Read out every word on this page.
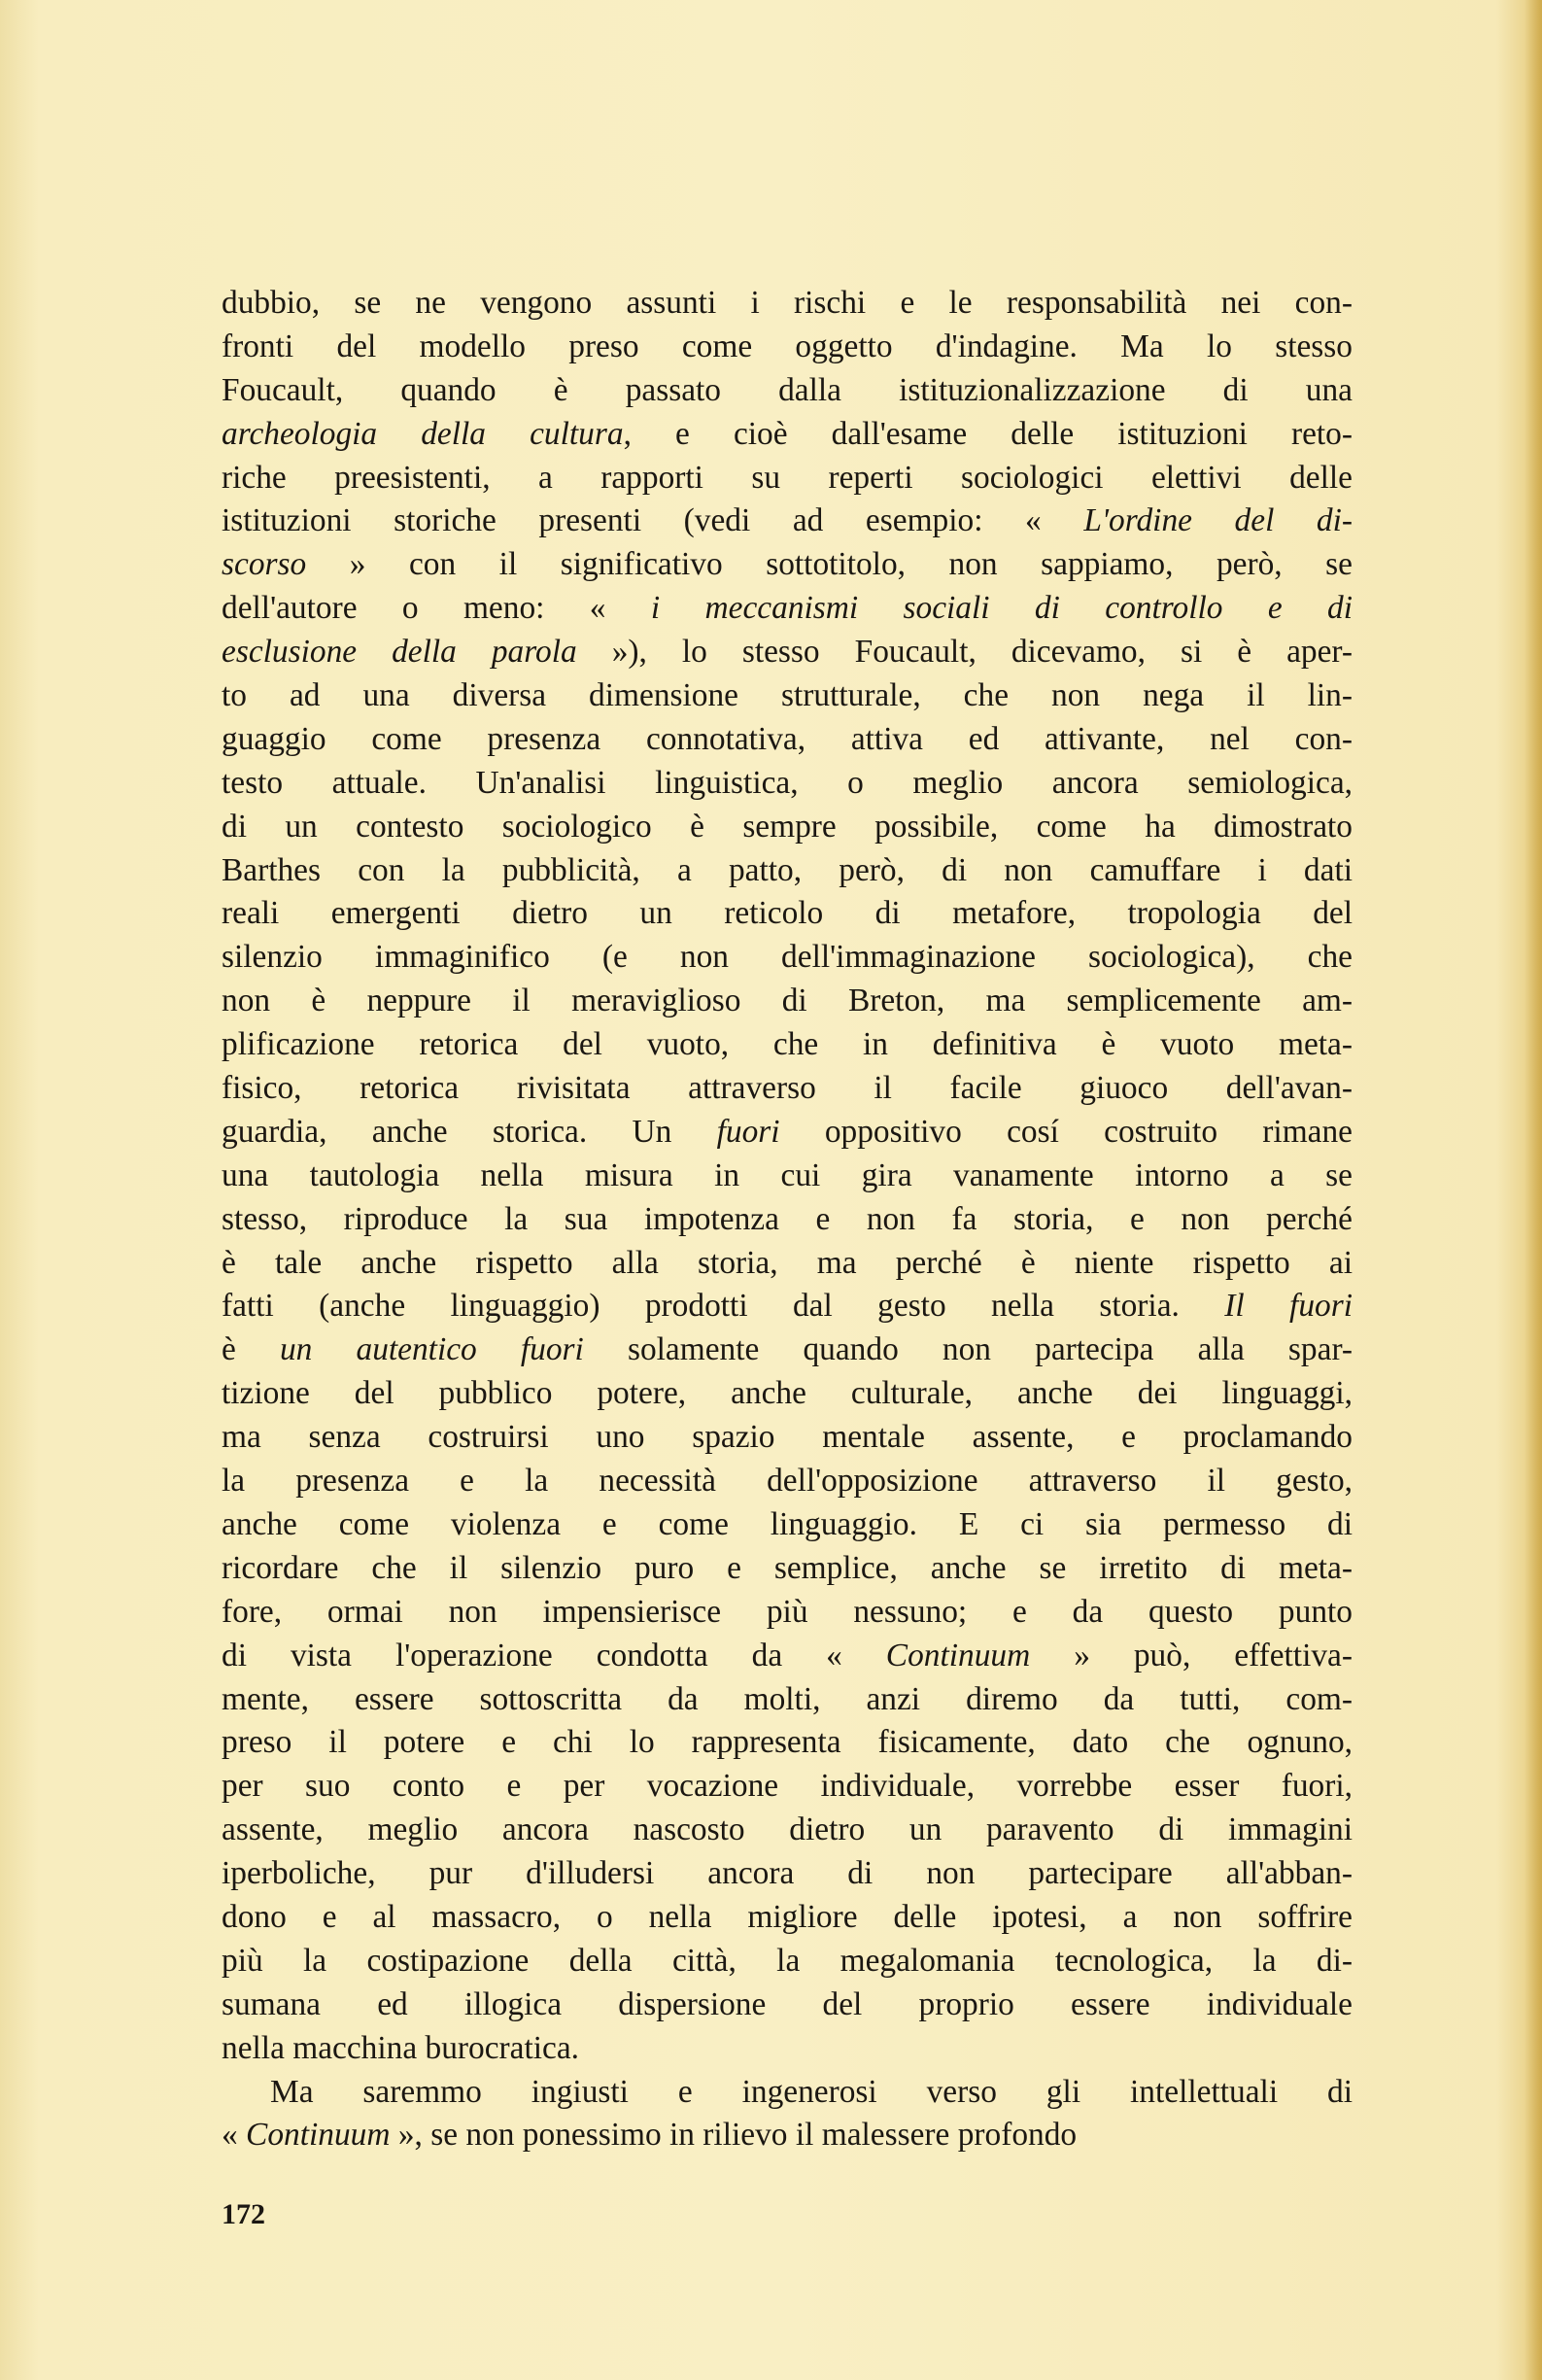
dubbio, se ne vengono assunti i rischi e le responsabilità nei con-
fronti del modello preso come oggetto d'indagine. Ma lo stesso
Foucault, quando è passato dalla istituzionalizzazione di una
archeologia della cultura, e cioè dall'esame delle istituzioni reto-
riche preesistenti, a rapporti su reperti sociologici elettivi delle
istituzioni storiche presenti (vedi ad esempio: « L'ordine del di-
scorso » con il significativo sottotitolo, non sappiamo, però, se
dell'autore o meno: « i meccanismi sociali di controllo e di
esclusione della parola »), lo stesso Foucault, dicevamo, si è aper-
to ad una diversa dimensione strutturale, che non nega il lin-
guaggio come presenza connotativa, attiva ed attivante, nel con-
testo attuale. Un'analisi linguistica, o meglio ancora semiologica,
di un contesto sociologico è sempre possibile, come ha dimostrato
Barthes con la pubblicità, a patto, però, di non camuffare i dati
reali emergenti dietro un reticolo di metafore, tropologia del
silenzio immaginifico (e non dell'immaginazione sociologica), che
non è neppure il meraviglioso di Breton, ma semplicemente am-
plificazione retorica del vuoto, che in definitiva è vuoto meta-
fisico, retorica rivisitata attraverso il facile giuoco dell'avan-
guardia, anche storica. Un fuori oppositivo cosí costruito rimane
una tautologia nella misura in cui gira vanamente intorno a se
stesso, riproduce la sua impotenza e non fa storia, e non perché
è tale anche rispetto alla storia, ma perché è niente rispetto ai
fatti (anche linguaggio) prodotti dal gesto nella storia. Il fuori
è un autentico fuori solamente quando non partecipa alla spar-
tizione del pubblico potere, anche culturale, anche dei linguaggi,
ma senza costruirsi uno spazio mentale assente, e proclamando
la presenza e la necessità dell'opposizione attraverso il gesto,
anche come violenza e come linguaggio. E ci sia permesso di
ricordare che il silenzio puro e semplice, anche se irretito di meta-
fore, ormai non impensierisce più nessuno; e da questo punto
di vista l'operazione condotta da « Continuum » può, effettiva-
mente, essere sottoscritta da molti, anzi diremo da tutti, com-
preso il potere e chi lo rappresenta fisicamente, dato che ognuno,
per suo conto e per vocazione individuale, vorrebbe esser fuori,
assente, meglio ancora nascosto dietro un paravento di immagini
iperboliche, pur d'illudersi ancora di non partecipare all'abban-
dono e al massacro, o nella migliore delle ipotesi, a non soffrire
più la costipazione della città, la megalomania tecnologica, la di-
sumana ed illogica dispersione del proprio essere individuale
nella macchina burocratica.
Ma saremmo ingiusti e ingenerosi verso gli intellettuali di
« Continuum », se non ponessimo in rilievo il malessere profondo
172
